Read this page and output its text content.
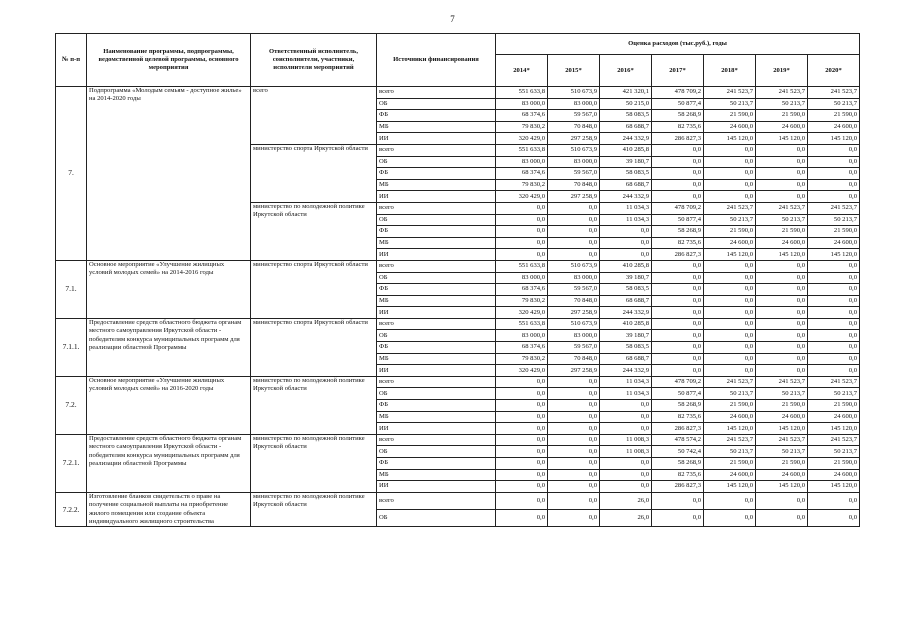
7
№ п-п	Наименование программы, подпрограммы, ведомственной целевой программы, основного мероприятия	Ответственный исполнитель, соисполнители, участники, исполнители мероприятий	Источники финансирования	Оценка расходов (тыс.руб.), годы						
				2014*	2015*	2016*	2017*	2018*	2019*	2020*
7.	Подпрограмма «Молодым семьям - доступное жилье» на 2014-2020 годы	всего	всего	551 633,8	510 673,9	421 320,1	478 709,2	241 523,7	241 523,7	241 523,7
			ОБ	83 000,0	83 000,0	50 215,0	50 877,4	50 213,7	50 213,7	50 213,7
			ФБ	68 374,6	59 567,0	58 083,5	58 268,9	21 590,0	21 590,0	21 590,0
			МБ	79 830,2	70 848,0	68 688,7	82 735,6	24 600,0	24 600,0	24 600,0
			ИИ	320 429,0	297 258,9	244 332,9	286 827,3	145 120,0	145 120,0	145 120,0
		министерство спорта Иркутской области	всего	551 633,8	510 673,9	410 285,8	0,0	0,0	0,0	0,0
			ОБ	83 000,0	83 000,0	39 180,7	0,0	0,0	0,0	0,0
			ФБ	68 374,6	59 567,0	58 083,5	0,0	0,0	0,0	0,0
			МБ	79 830,2	70 848,0	68 688,7	0,0	0,0	0,0	0,0
			ИИ	320 429,0	297 258,9	244 332,9	0,0	0,0	0,0	0,0
		министерство по молодежной политике Иркутской области	всего	0,0	0,0	11 034,3	478 709,2	241 523,7	241 523,7	241 523,7
			ОБ	0,0	0,0	11 034,3	50 877,4	50 213,7	50 213,7	50 213,7
			ФБ	0,0	0,0	0,0	58 268,9	21 590,0	21 590,0	21 590,0
			МБ	0,0	0,0	0,0	82 735,6	24 600,0	24 600,0	24 600,0
			ИИ	0,0	0,0	0,0	286 827,3	145 120,0	145 120,0	145 120,0
7.1.	Основное мероприятие «Улучшение жилищных условий молодых семей» на 2014-2016 годы	министерство спорта Иркутской области	всего	551 633,8	510 673,9	410 285,8	0,0	0,0	0,0	0,0
			ОБ	83 000,0	83 000,0	39 180,7	0,0	0,0	0,0	0,0
			ФБ	68 374,6	59 567,0	58 083,5	0,0	0,0	0,0	0,0
			МБ	79 830,2	70 848,0	68 688,7	0,0	0,0	0,0	0,0
			ИИ	320 429,0	297 258,9	244 332,9	0,0	0,0	0,0	0,0
7.1.1.	Предоставление средств областного бюджета органам местного самоуправления Иркутской области - победителям конкурса муниципальных программ для реализации областной Программы	министерство спорта Иркутской области	всего	551 633,8	510 673,9	410 285,8	0,0	0,0	0,0	0,0
			ОБ	83 000,0	83 000,0	39 180,7	0,0	0,0	0,0	0,0
			ФБ	68 374,6	59 567,0	58 083,5	0,0	0,0	0,0	0,0
			МБ	79 830,2	70 848,0	68 688,7	0,0	0,0	0,0	0,0
			ИИ	320 429,0	297 258,9	244 332,9	0,0	0,0	0,0	0,0
7.2.	Основное мероприятие «Улучшение жилищных условий молодых семей» на 2016-2020 годы	министерство по молодежной политике Иркутской области	всего	0,0	0,0	11 034,3	478 709,2	241 523,7	241 523,7	241 523,7
			ОБ	0,0	0,0	11 034,3	50 877,4	50 213,7	50 213,7	50 213,7
			ФБ	0,0	0,0	0,0	58 268,9	21 590,0	21 590,0	21 590,0
			МБ	0,0	0,0	0,0	82 735,6	24 600,0	24 600,0	24 600,0
			ИИ	0,0	0,0	0,0	286 827,3	145 120,0	145 120,0	145 120,0
7.2.1.	Предоставление средств областного бюджета органам местного самоуправления Иркутской области - победителям конкурса муниципальных программ для реализации областной Программы	министерство по молодежной политике Иркутской области	всего	0,0	0,0	11 008,3	478 574,2	241 523,7	241 523,7	241 523,7
			ОБ	0,0	0,0	11 008,3	50 742,4	50 213,7	50 213,7	50 213,7
			ФБ	0,0	0,0	0,0	58 268,9	21 590,0	21 590,0	21 590,0
			МБ	0,0	0,0	0,0	82 735,6	24 600,0	24 600,0	24 600,0
			ИИ	0,0	0,0	0,0	286 827,3	145 120,0	145 120,0	145 120,0
7.2.2.	Изготовление бланков свидетельств о праве на получение социальной выплаты на приобретение жилого помещения или создание объекта индивидуального жилищного строительства	министерство по молодежной политике Иркутской области	всего	0,0	0,0	26,0	0,0	0,0	0,0	0,0
			ОБ	0,0	0,0	26,0	0,0	0,0	0,0	0,0
